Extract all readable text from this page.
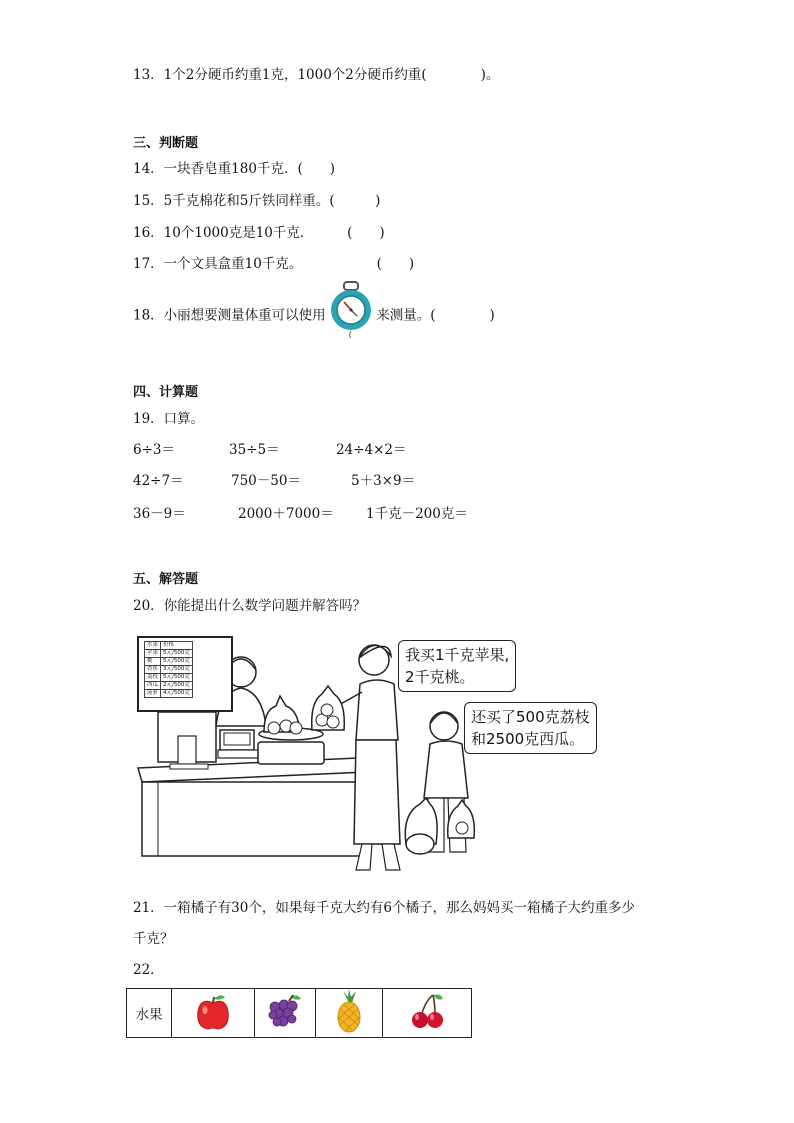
13．1个2分硬币约重1克，1000个2分硬币约重(　　　　)。
三、判断题
14．一块香皂重180千克．(　　)
15．5千克棉花和5斤铁同样重。(　　　)
16．10个1000克是10千克．　　　(　　)
17．一个文具盒重10千克。　　　　　　(　　)
18．小丽想要测量体重可以使用	来测量。(　　　　)
四、计算题
19．口算。
6÷3＝	35÷5＝	24÷4×2＝
42÷7＝	750－50＝	5＋3×9＝
36－9＝	2000＋7000＝ 1千克－200克＝
五、解答题
20．你能提出什么数学问题并解答吗？
水果	价格
苹果	5元/500克
桃	5元/500克
香蕉	3元/500克
荔枝	5元/500克
西瓜	2元/500克
菠萝	4元/500克
我买1千克苹果,
2千克桃。
还买了500克荔枝
和2500克西瓜。
21．一箱橘子有30个，如果每千克大约有6个橘子，那么妈妈买一箱橘子大约重多少
千克？
22．
水果				
